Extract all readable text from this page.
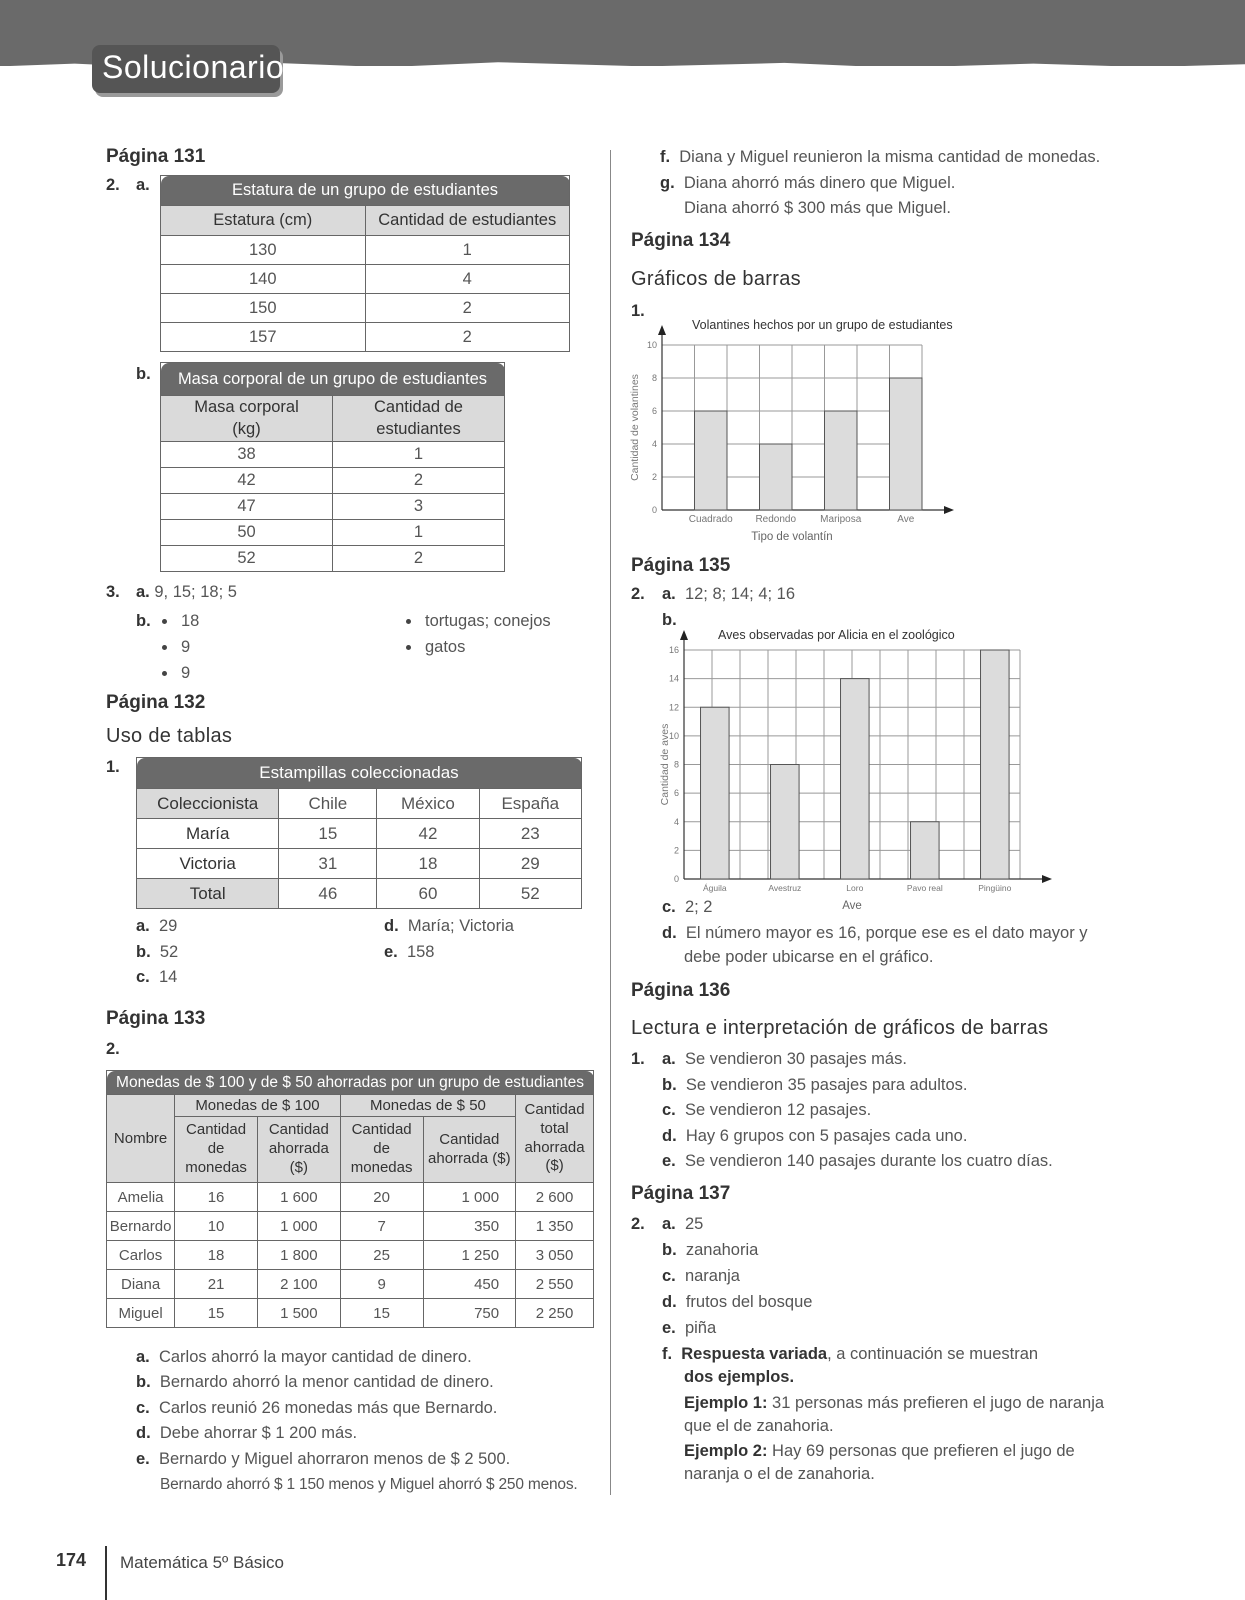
Solucionario
Página 131
2. a.	Estatura de un grupo de estudiantes	
Estatura (cm)	Cantidad de estudiantes
130	1
140	4
150	2
157	2
b. Masa corporal de un grupo de estudiantes	
Masa corporal (kg)	Cantidad de estudiantes
38	1
42	2
47	3
50	1
52	2
3. a. 9, 15; 18; 5
b.	18
9
9
tortugas; conejos
gatos
Página 132
Uso de tablas
1.	Estampillas coleccionadas			
Coleccionista	Chile	México	España
María	15	42	23
Victoria	31	18	29
Total	46	60	52
a. 29
b. 52
c. 14
d. María; Victoria
e. 158
Página 133
2.
Monedas de $ 100 y de $ 50 ahorradas por un grupo de estudiantes					
Nombre	Monedas de $ 100		Monedas de $ 50		Cantidad total ahorrada ($)
	Cantidad de monedas	Cantidad ahorrada ($)	Cantidad de monedas	Cantidad ahorrada ($)	
Amelia	16	1 600	20	1 000	2 600
Bernardo	10	1 000	7	350	1 350
Carlos	18	1 800	25	1 250	3 050
Diana	21	2 100	9	450	2 550
Miguel	15	1 500	15	750	2 250
a. Carlos ahorró la mayor cantidad de dinero.
b. Bernardo ahorró la menor cantidad de dinero.
c. Carlos reunió 26 monedas más que Bernardo.
d. Debe ahorrar $ 1 200 más.
e. Bernardo y Miguel ahorraron menos de $ 2 500.
Bernardo ahorró $ 1 150 menos y Miguel ahorró $ 250 menos.
f. Diana y Miguel reunieron la misma cantidad de monedas.
g. Diana ahorró más dinero que Miguel.
Diana ahorró $ 300 más que Miguel.
Página 134
Gráficos de barras
1.
0
2
4
6
8
10
Cuadrado Redondo Mariposa	Ave
Volantines hechos por un grupo de estudiantes
Tipo de volantín
Cantidad de volantines
Página 135
2. a. 12; 8; 14; 4; 16
b.
0
2
4
6
8
10
12
14
16
Águila	Avestruz	Loro	Pavo real	Pingüino
Aves observadas por Alicia en el zoológico
Ave
Cantidad de aves
c. 2; 2
d. El número mayor es 16, porque ese es el dato mayor y
debe poder ubicarse en el gráfico.
Página 136
Lectura e interpretación de gráficos de barras
1. a. Se vendieron 30 pasajes más.
b. Se vendieron 35 pasajes para adultos.
c. Se vendieron 12 pasajes.
d. Hay 6 grupos con 5 pasajes cada uno.
e. Se vendieron 140 pasajes durante los cuatro días.
Página 137
2. a. 25
b. zanahoria
c. naranja
d. frutos del bosque
e. piña
f. Respuesta variada, a continuación se muestran
dos ejemplos.
Ejemplo 1: 31 personas más prefieren el jugo de naranja
que el de zanahoria.
Ejemplo 2: Hay 69 personas que prefieren el jugo de
naranja o el de zanahoria.
174 Matemática 5º Básico
